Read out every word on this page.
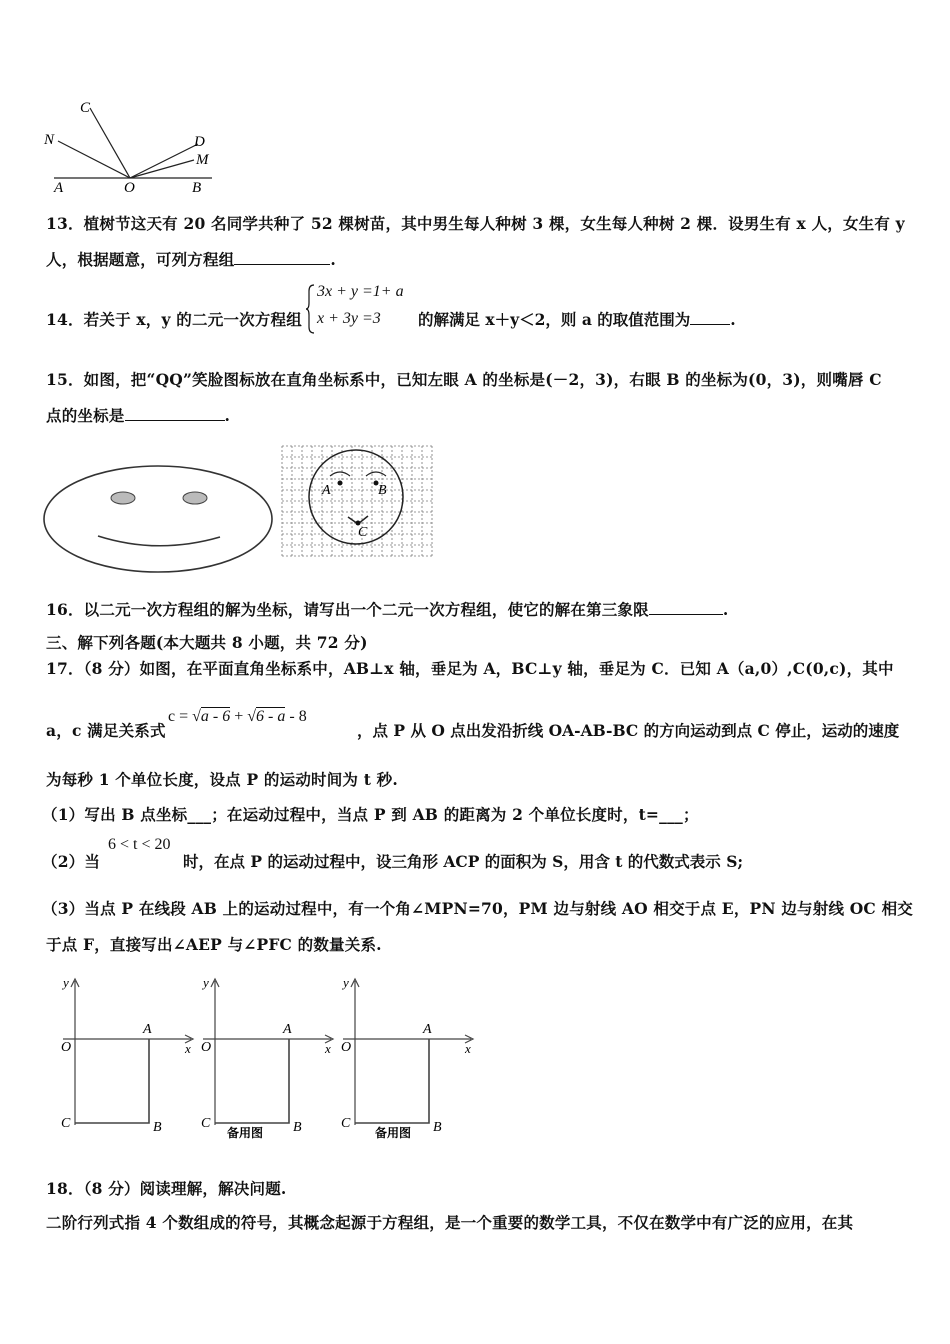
C
N	D
M
A	O	B
13．植树节这天有 20 名同学共种了 52 棵树苗，其中男生每人种树 3 棵，女生每人种树 2 棵．设男生有 x 人，女生有 y
人，根据题意，可列方程组	.
14．若关于 x，y 的二元一次方程组
3x + y =1+ a
x + 3y =3 的解满足 x＋y＜2，则 a 的取值范围为	.
15．如图，把“QQ”笑脸图标放在直角坐标系中，已知左眼 A 的坐标是(－2，3)，右眼 B 的坐标为(0，3)，则嘴唇 C
点的坐标是	.
A	B
C
16．以二元一次方程组的解为坐标，请写出一个二元一次方程组，使它的解在第三象限	.
三、解下列各题(本大题共 8 小题，共 72 分)
17．（8 分）如图，在平面直角坐标系中，AB⊥x 轴，垂足为 A，BC⊥y 轴，垂足为 C．已知 A（a,0）,C(0,c)，其中
a，c 满足关系式
c = √a - 6 + √6 - a - 8
，点 P 从 O 点出发沿折线 OA-AB-BC 的方向运动到点 C 停止，运动的速度
为每秒 1 个单位长度，设点 P 的运动时间为 t 秒.
（1）写出 B 点坐标___；在运动过程中，当点 P 到 AB 的距离为 2 个单位长度时，t=___；
（2）当
6 < t < 20
时，在点 P 的运动过程中，设三角形 ACP 的面积为 S，用含 t 的代数式表示 S;
（3）当点 P 在线段 AB 上的运动过程中，有一个角∠MPN=70，PM 边与射线 AO 相交于点 E，PN 边与射线 OC 相交
于点 F，直接写出∠AEP 与∠PFC 的数量关系.
y
x
O
A
C	B
y
x
O
A
C	B
备用图
y
x
O
A
C	B
备用图
18．（8 分）阅读理解，解决问题.
二阶行列式指 4 个数组成的符号，其概念起源于方程组，是一个重要的数学工具，不仅在数学中有广泛的应用，在其
